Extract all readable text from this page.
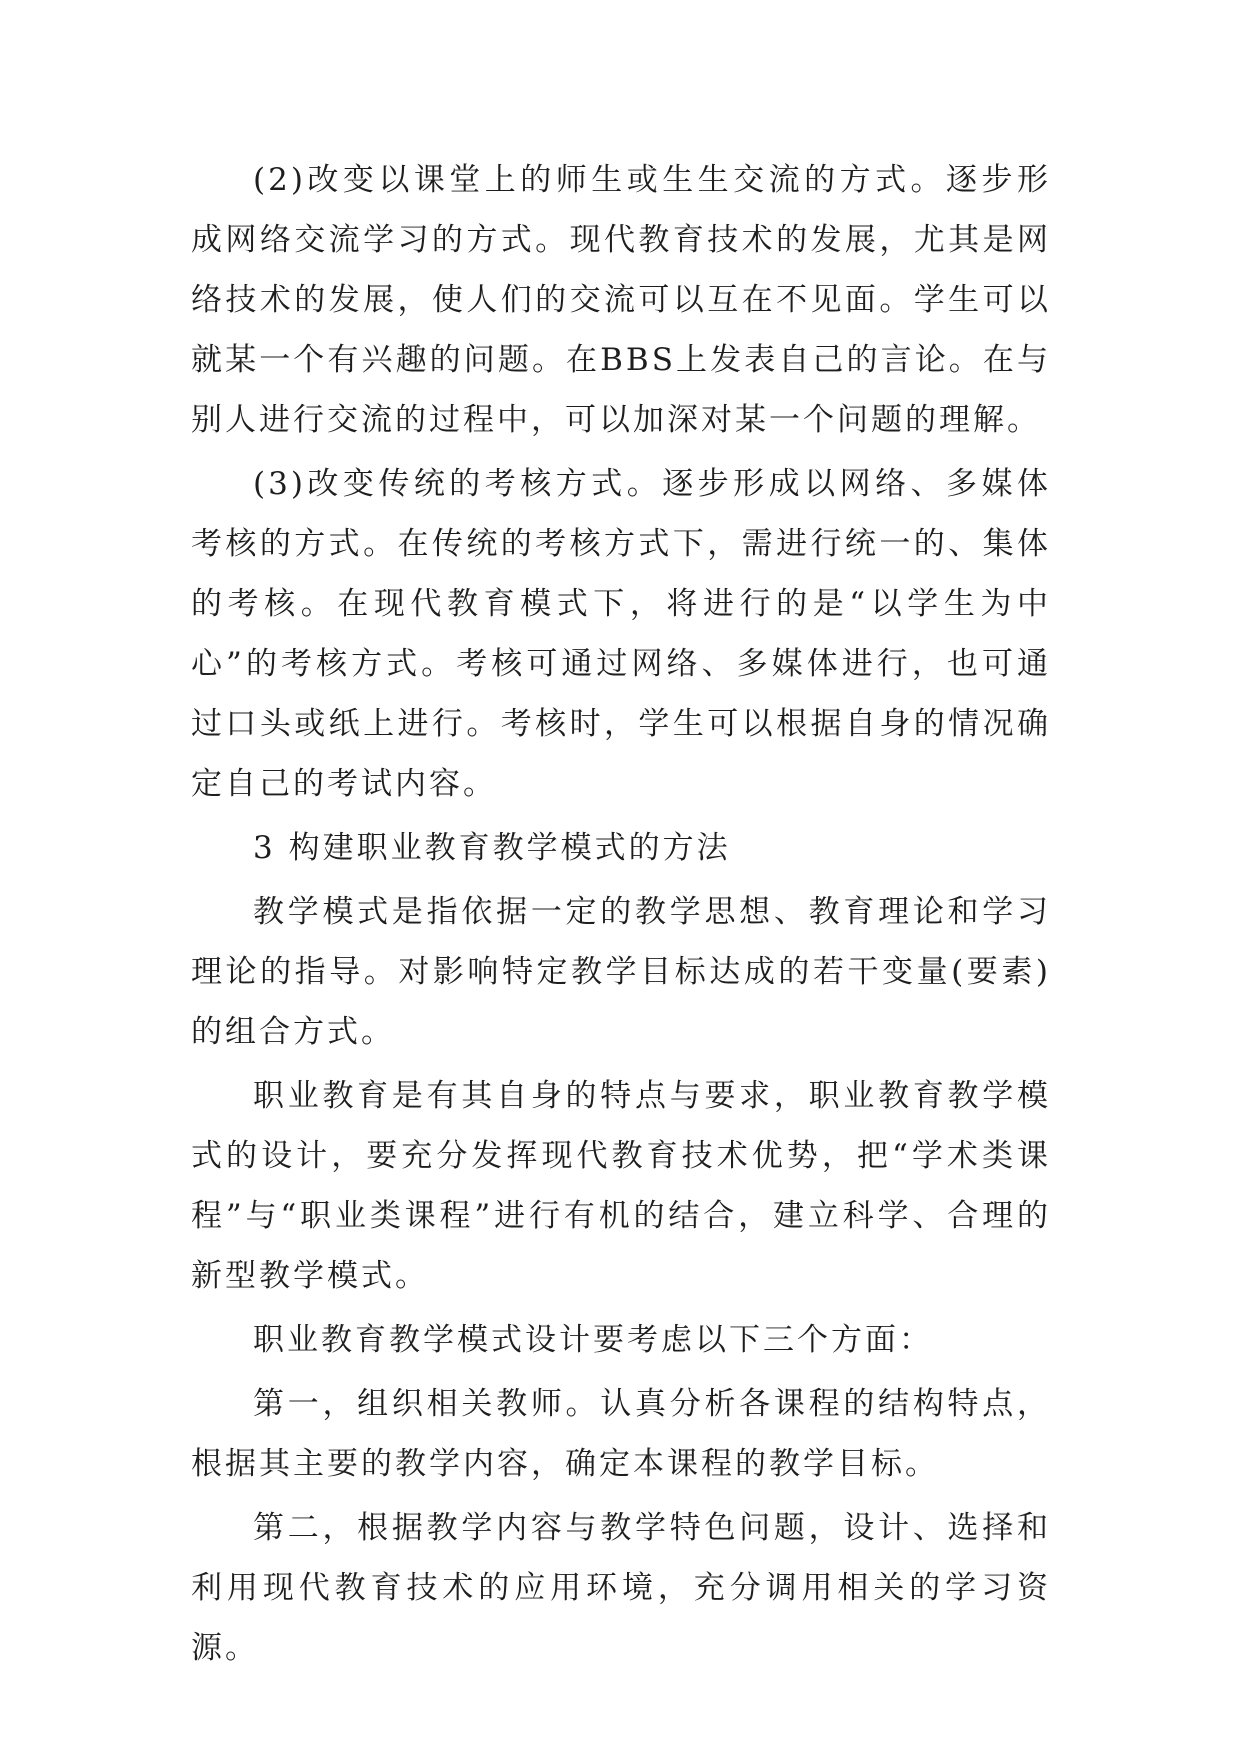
(2)改变以课堂上的师生或生生交流的方式。逐步形成网络交流学习的方式。现代教育技术的发展，尤其是网络技术的发展，使人们的交流可以互在不见面。学生可以就某一个有兴趣的问题。在BBS上发表自己的言论。在与别人进行交流的过程中，可以加深对某一个问题的理解。

(3)改变传统的考核方式。逐步形成以网络、多媒体考核的方式。在传统的考核方式下，需进行统一的、集体的考核。在现代教育模式下，将进行的是“以学生为中心”的考核方式。考核可通过网络、多媒体进行，也可通过口头或纸上进行。考核时，学生可以根据自身的情况确定自己的考试内容。

3 构建职业教育教学模式的方法

教学模式是指依据一定的教学思想、教育理论和学习理论的指导。对影响特定教学目标达成的若干变量(要素)的组合方式。

职业教育是有其自身的特点与要求，职业教育教学模式的设计，要充分发挥现代教育技术优势，把“学术类课程”与“职业类课程”进行有机的结合，建立科学、合理的新型教学模式。

职业教育教学模式设计要考虑以下三个方面：

第一，组织相关教师。认真分析各课程的结构特点，根据其主要的教学内容，确定本课程的教学目标。

第二，根据教学内容与教学特色问题，设计、选择和利用现代教育技术的应用环境，充分调用相关的学习资源。
